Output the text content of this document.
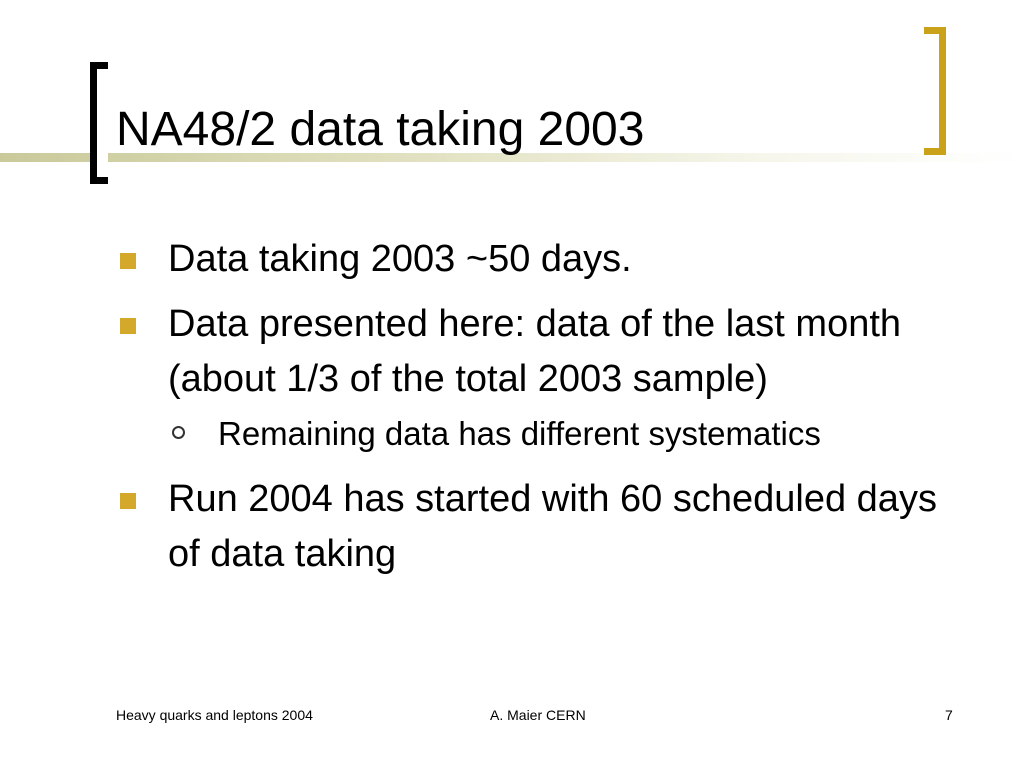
NA48/2 data taking 2003
Data taking 2003 ~50 days.
Data presented here: data of the last month (about 1/3 of the total 2003 sample)
Remaining data has different systematics
Run 2004 has started with 60 scheduled days of data taking
Heavy quarks and leptons 2004	A. Maier CERN	7
